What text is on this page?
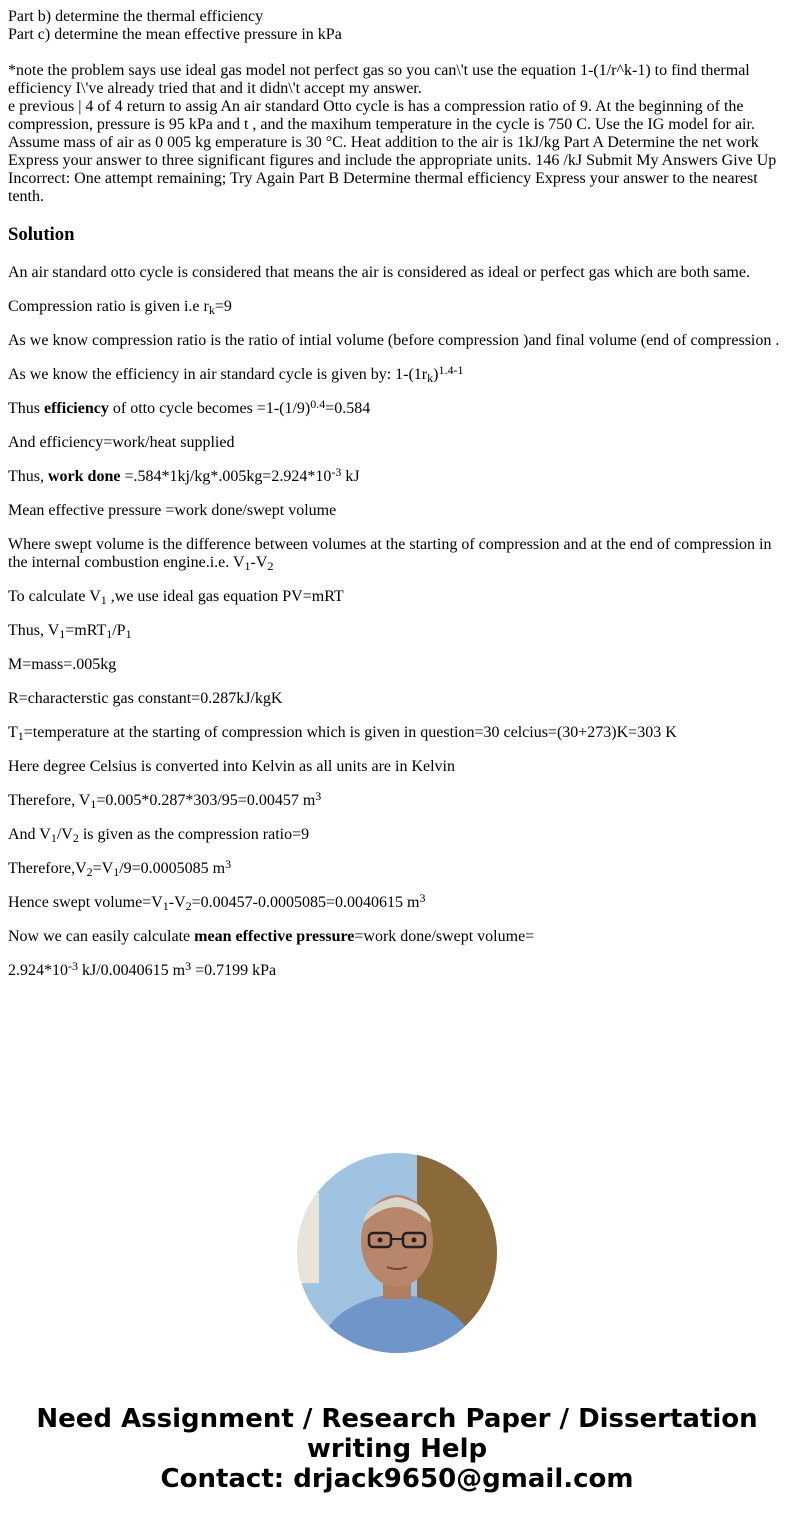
Part b) determine the thermal efficiency
Part c) determine the mean effective pressure in kPa
*note the problem says use ideal gas model not perfect gas so you can\'t use the equation 1-(1/r^k-1) to find thermal efficiency I\'ve already tried that and it didn\'t accept my answer.
e previous | 4 of 4 return to assig An air standard Otto cycle is has a compression ratio of 9. At the beginning of the compression, pressure is 95 kPa and t , and the maxihum temperature in the cycle is 750 C. Use the IG model for air. Assume mass of air as 0 005 kg emperature is 30 °C. Heat addition to the air is 1kJ/kg Part A Determine the net work Express your answer to three significant figures and include the appropriate units. 146 /kJ Submit My Answers Give Up Incorrect: One attempt remaining; Try Again Part B Determine thermal efficiency Express your answer to the nearest tenth.
Solution

An air standard otto cycle is considered that means the air is considered as ideal or perfect gas which are both same.

Compression ratio is given i.e $r_k=9$

As we know compression ratio is the ratio of intial volume (before compression )and final volume (end of compression .

As we know the efficiency in air standard cycle is given by: $1-(1r_k)^{1.4-1}$

Thus efficiency of otto cycle becomes $=1-(1/9)^{0.4}=0.584$

And efficiency=work/heat supplied

Thus, work done $=.584*1kj/kg*.005kg=2.924*10^{-3}$ kJ

Mean effective pressure =work done/swept volume

Where swept volume is the difference between volumes at the starting of compression and at the end of compression in the internal combustion engine.i.e. $V_1-V_2$

To calculate $V_1$ ,we use ideal gas equation PV=mRT

Thus, $V_1=mRT_1/P_1$

M=mass=.005kg

R=characterstic gas constant=0.287kJ/kgK

$T_1=temperature$ at the starting of compression which is given in question=30 celcius=(30+273)K=303 K

Here degree Celsius is converted into Kelvin as all units are in Kelvin

Therefore, $V_1=0.005*0.287*303/95=0.00457$ $m^3$

And $V_1/V_2$ is given as the compression ratio=9

$Therefore,V_2=V_1/9=0.0005085$ $m^3$

Hence swept $volume=V_1-V_2=0.00457-0.0005085=0.0040615$ $m^3$

Now we can easily calculate mean effective pressure=work done/swept volume=

$2.924*10^{-3}$ kJ/0.0040615 $m^3 =0.7199$ kPa

Need Assignment / Research Paper / Dissertation
writing Help
Contact: drjack9650@gmail.com
